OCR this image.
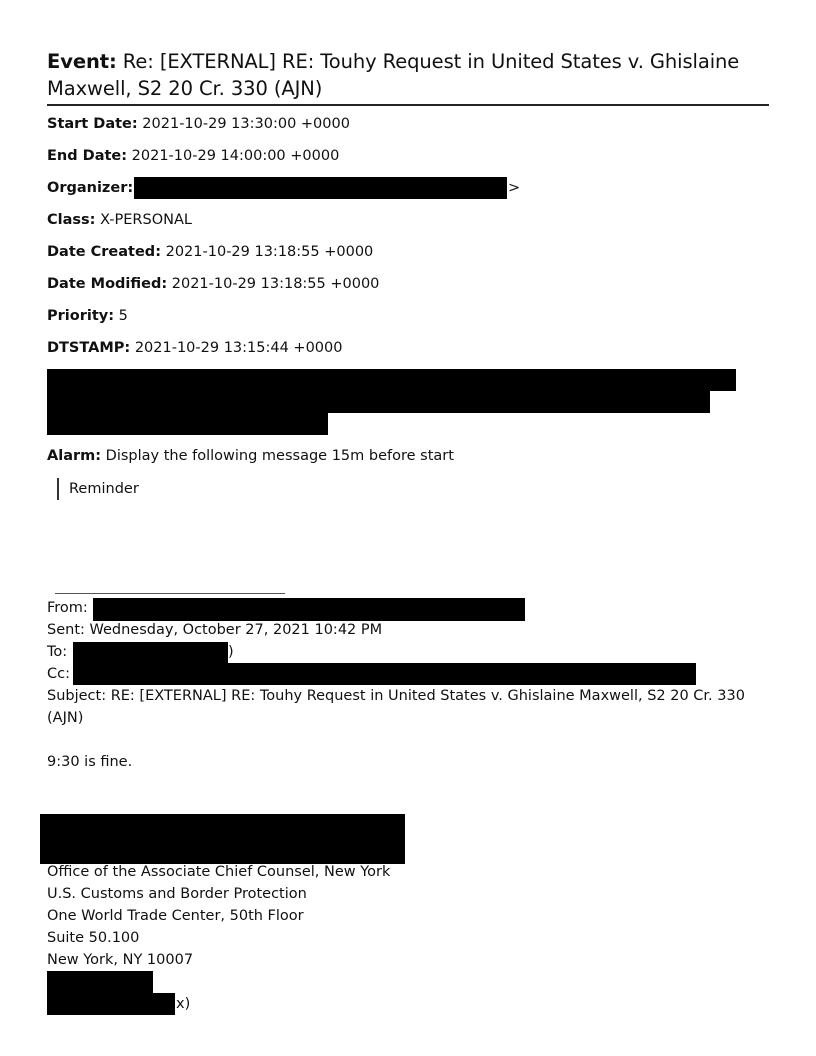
Event: Re: [EXTERNAL] RE: Touhy Request in United States v. Ghislaine Maxwell, S2 20 Cr. 330 (AJN)
Start Date: 2021-10-29 13:30:00 +0000
End Date: 2021-10-29 14:00:00 +0000
Organizer:	>
Class: X-PERSONAL
Date Created: 2021-10-29 13:18:55 +0000
Date Modified: 2021-10-29 13:18:55 +0000
Priority: 5
DTSTAMP: 2021-10-29 13:15:44 +0000
Alarm: Display the following message 15m before start
Reminder
From:
Sent: Wednesday, October 27, 2021 10:42 PM
To:	)
Cc:
Subject: RE: [EXTERNAL] RE: Touhy Request in United States v. Ghislaine Maxwell, S2 20 Cr. 330 (AJN)
9:30 is fine.
Office of the Associate Chief Counsel, New York
U.S. Customs and Border Protection
One World Trade Center, 50th Floor
Suite 50.100
New York, NY 10007
x)
